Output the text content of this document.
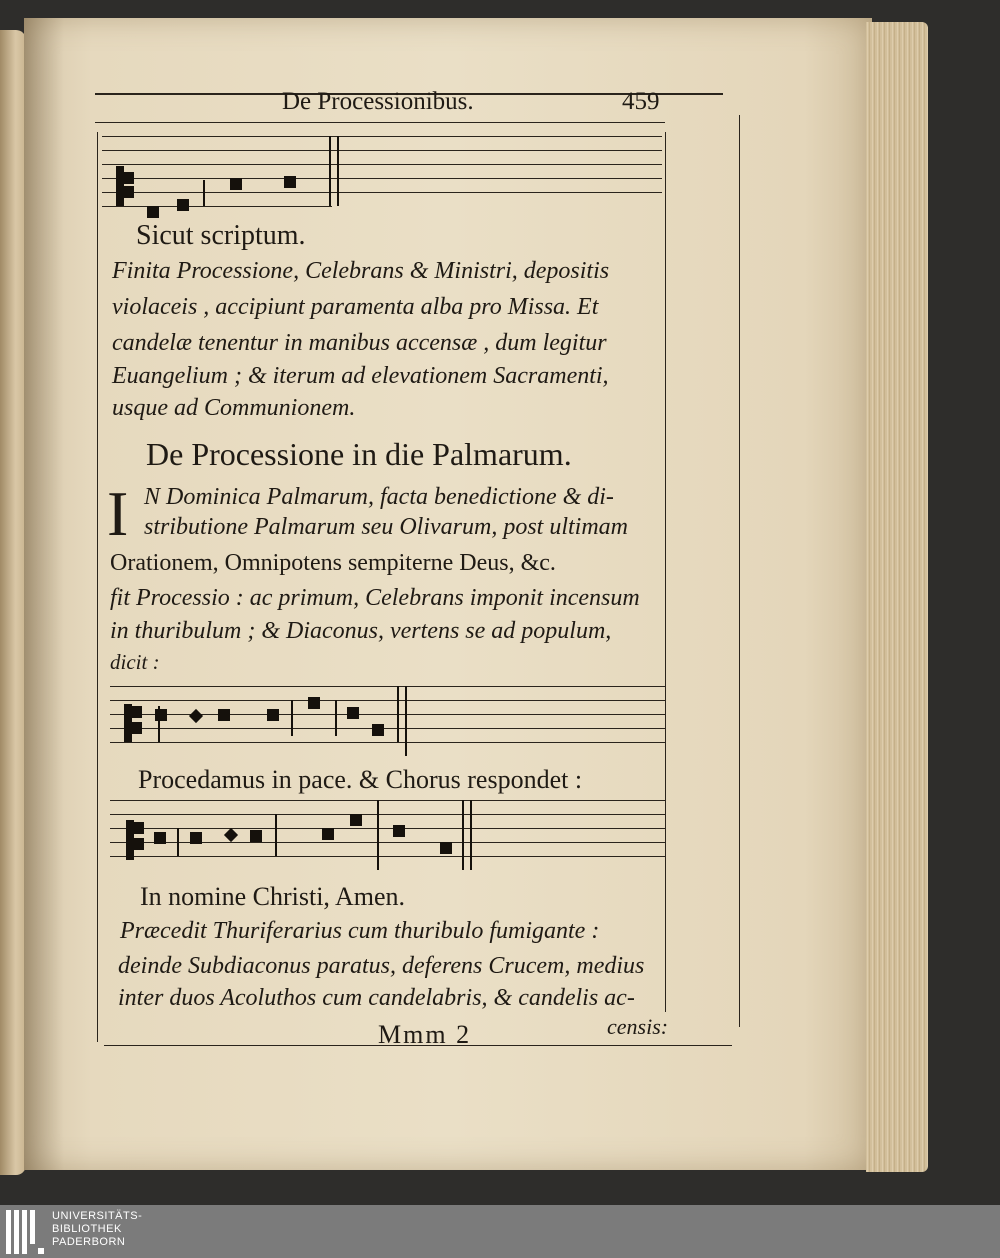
De Processionibus.	459
Sicut scriptum.
Finita Processione, Celebrans & Ministri, depositis
violaceis , accipiunt paramenta alba pro Missa. Et
candelæ tenentur in manibus accensæ , dum legitur
Euangelium ; & iterum ad elevationem Sacramenti,
usque ad Communionem.
De Processione in die Palmarum.
I N Dominica Palmarum, facta benedictione & di-
stributione Palmarum seu Olivarum, post ultimam
Orationem, Omnipotens sempiterne Deus, &c.
fit Processio : ac primum, Celebrans imponit incensum
in thuribulum ; & Diaconus, vertens se ad populum,
dicit :
Procedamus in pace. & Chorus respondet :
In nomine Christi, Amen.
Præcedit Thuriferarius cum thuribulo fumigante :
deinde Subdiaconus paratus, deferens Crucem, medius
inter duos Acoluthos cum candelabris, & candelis ac-
Mmm 2	censis:
UNIVERSITÄTS-
BIBLIOTHEK
PADERBORN
